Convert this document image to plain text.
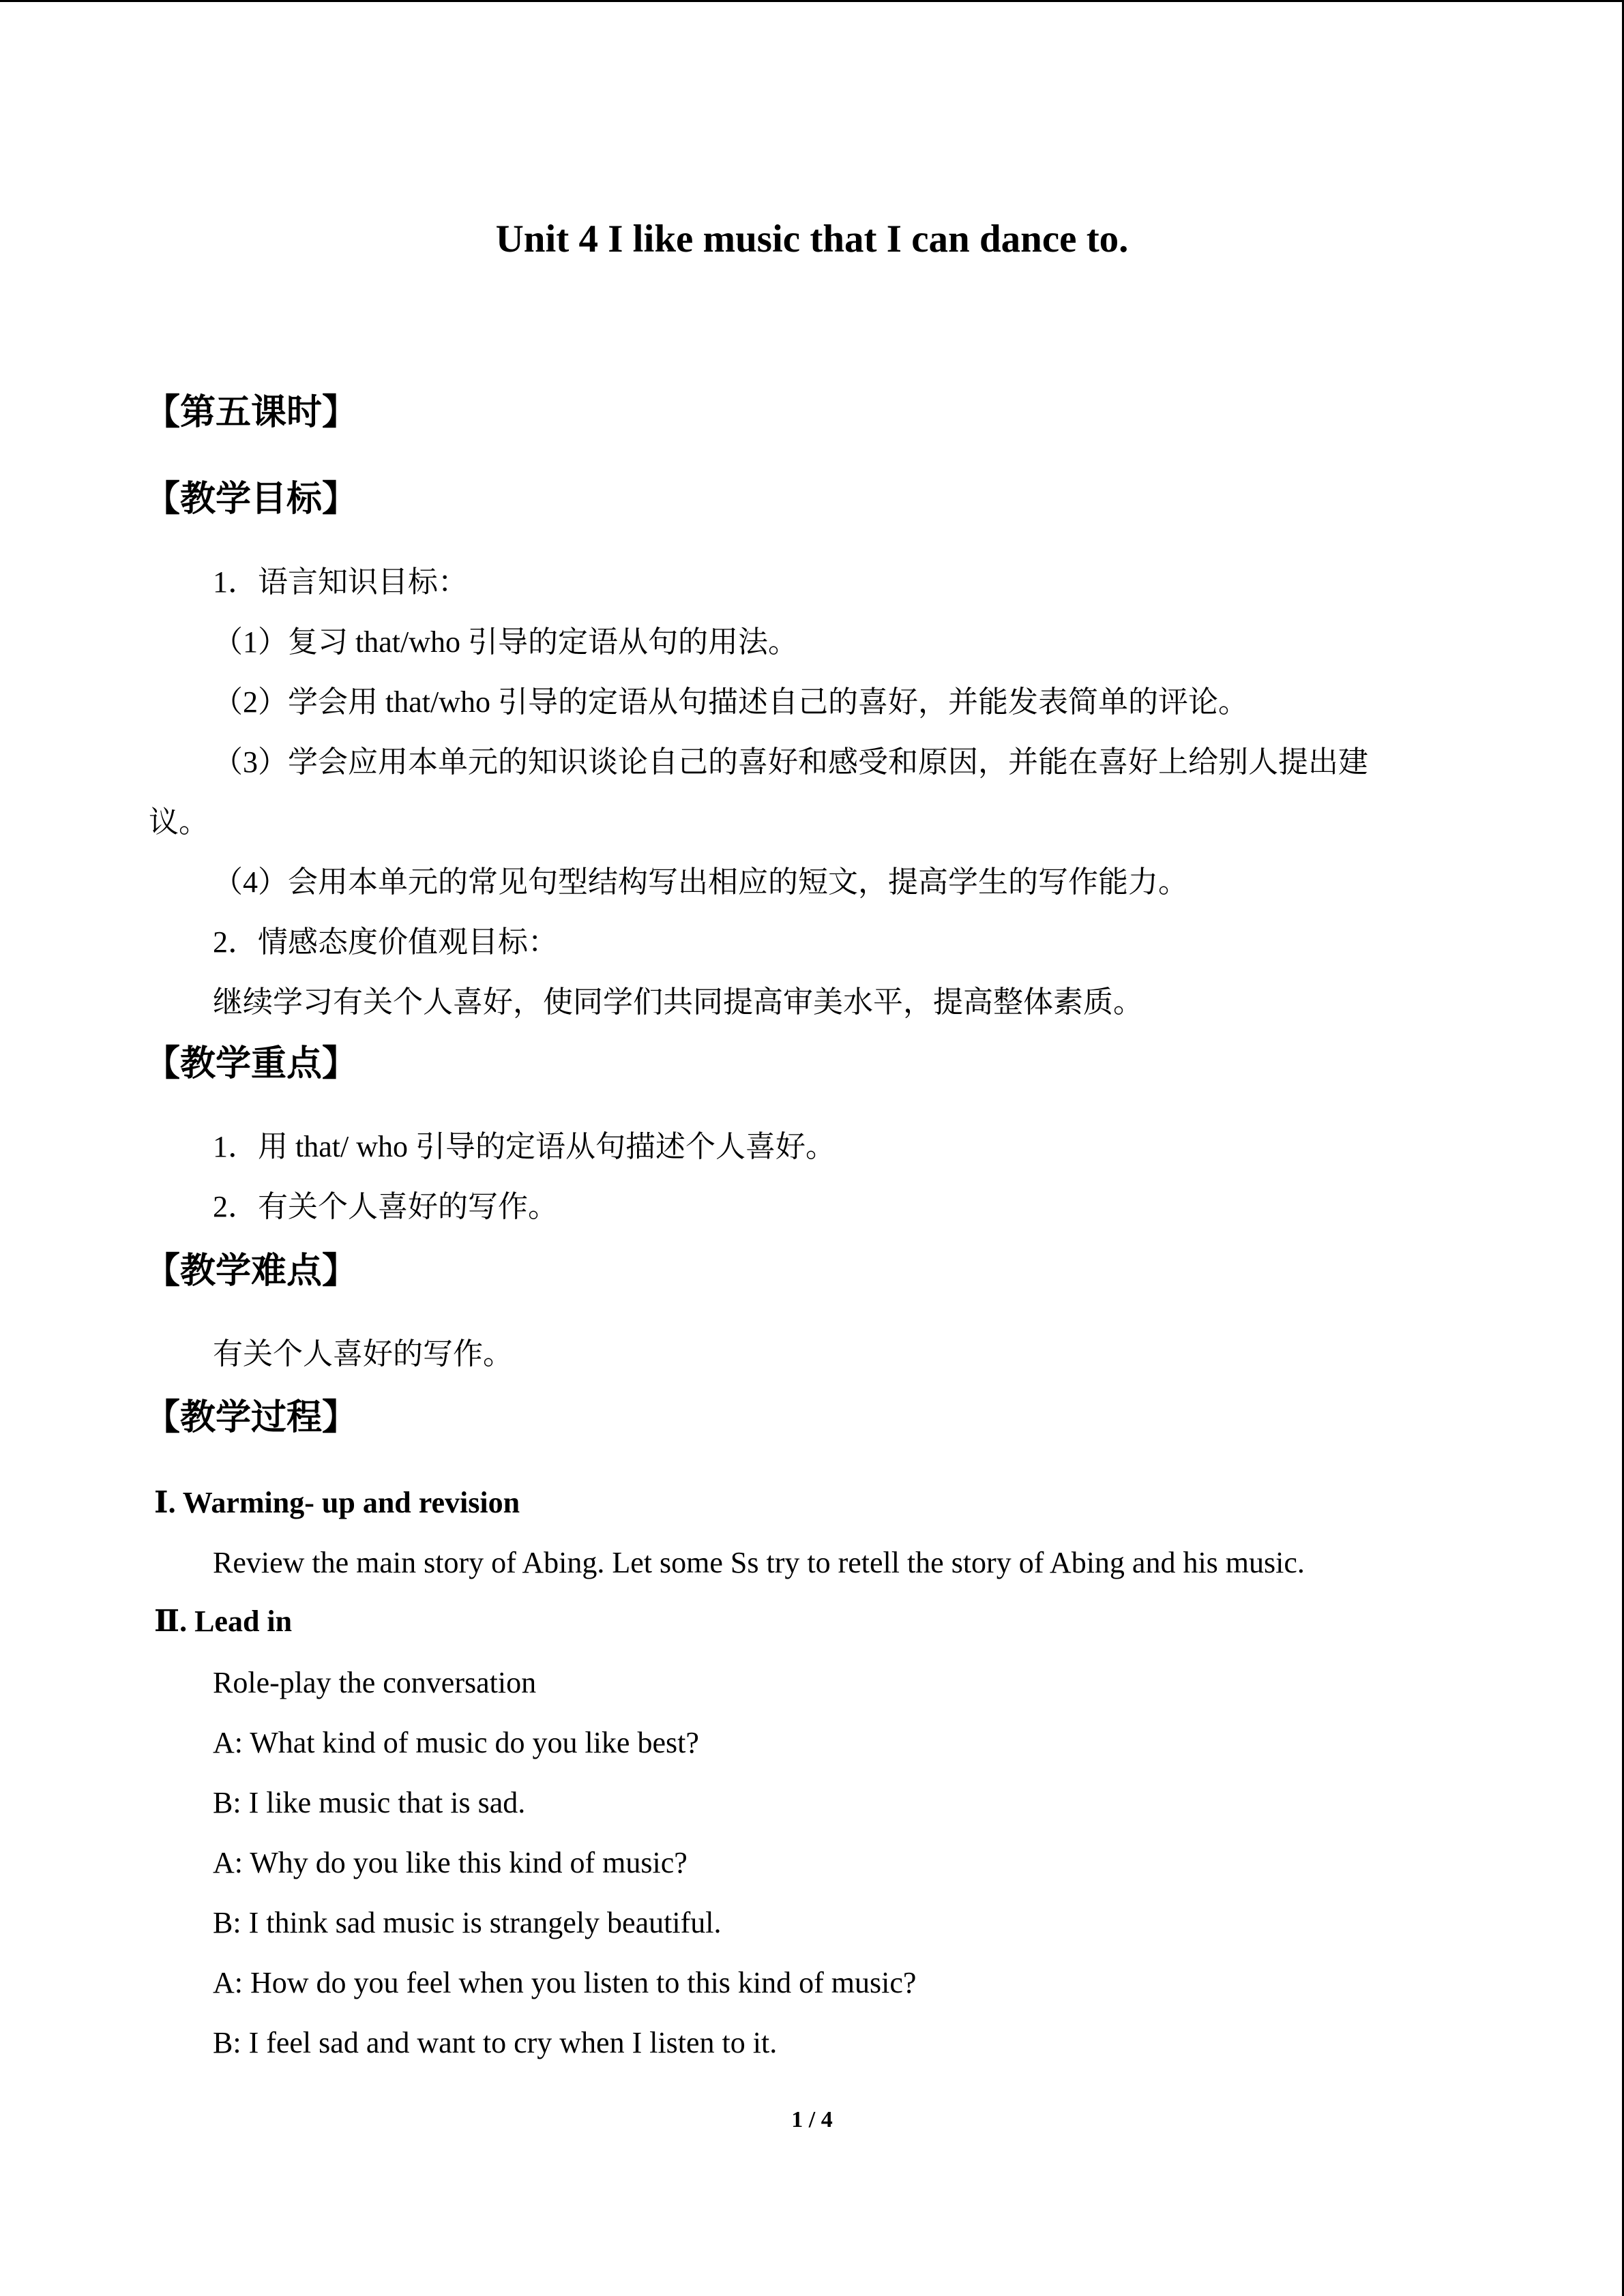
Unit 4 I like music that I can dance to.
【第五课时】
【教学目标】
1．语言知识目标：
（1）复习 that/who 引导的定语从句的用法。
（2）学会用 that/who 引导的定语从句描述自己的喜好，并能发表简单的评论。
（3）学会应用本单元的知识谈论自己的喜好和感受和原因，并能在喜好上给别人提出建
议。
（4）会用本单元的常见句型结构写出相应的短文，提高学生的写作能力。
2．情感态度价值观目标：
继续学习有关个人喜好，使同学们共同提高审美水平，提高整体素质。
【教学重点】
1．用 that/ who 引导的定语从句描述个人喜好。
2．有关个人喜好的写作。
【教学难点】
有关个人喜好的写作。
【教学过程】
Ⅰ. Warming- up and revision
Review the main story of Abing. Let some Ss try to retell the story of Abing and his music.
Ⅱ. Lead in
Role-play the conversation
A: What kind of music do you like best?
B: I like music that is sad.
A: Why do you like this kind of music?
B: I think sad music is strangely beautiful.
A: How do you feel when you listen to this kind of music?
B: I feel sad and want to cry when I listen to it.
1 / 4
